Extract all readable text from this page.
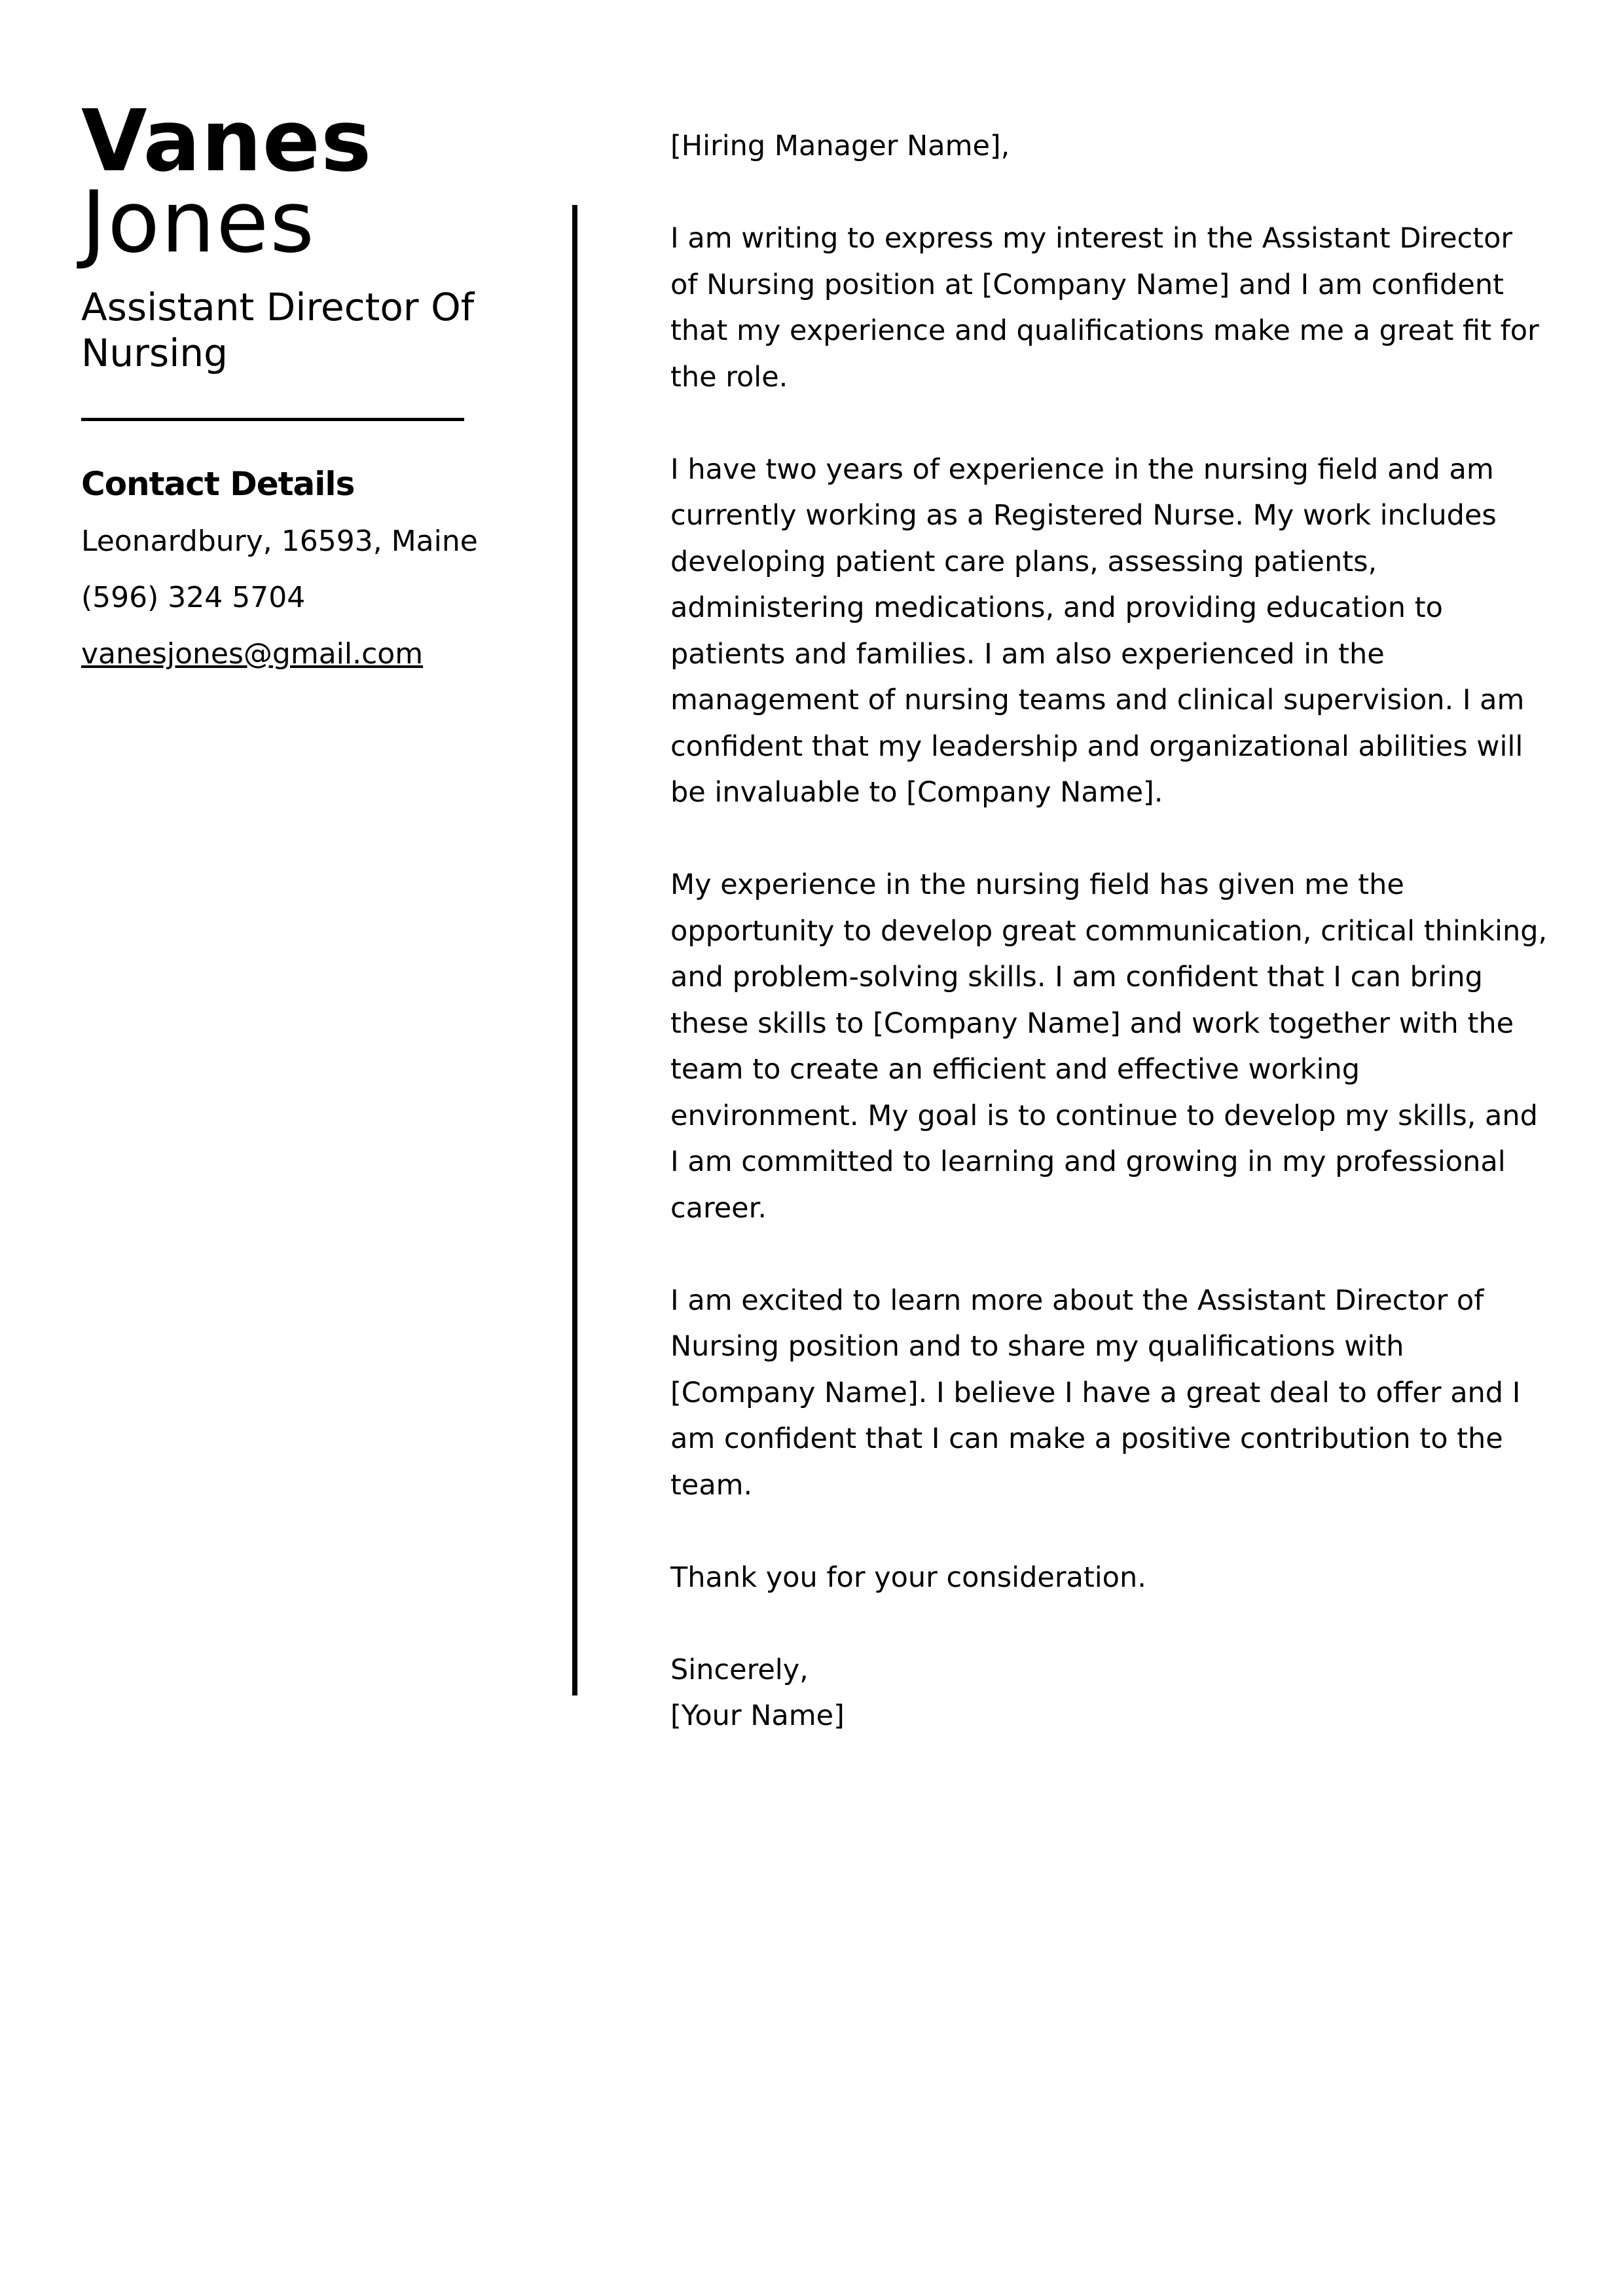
Vanes
Jones
Assistant Director Of Nursing
Contact Details
Leonardbury, 16593, Maine
(596) 324 5704
vanesjones@gmail.com

[Hiring Manager Name],

I am writing to express my interest in the Assistant Director of Nursing position at [Company Name] and I am confident that my experience and qualifications make me a great fit for the role.

I have two years of experience in the nursing field and am currently working as a Registered Nurse. My work includes developing patient care plans, assessing patients, administering medications, and providing education to patients and families. I am also experienced in the management of nursing teams and clinical supervision. I am confident that my leadership and organizational abilities will be invaluable to [Company Name].

My experience in the nursing field has given me the opportunity to develop great communication, critical thinking, and problem-solving skills. I am confident that I can bring these skills to [Company Name] and work together with the team to create an efficient and effective working environment. My goal is to continue to develop my skills, and I am committed to learning and growing in my professional career.

I am excited to learn more about the Assistant Director of Nursing position and to share my qualifications with [Company Name]. I believe I have a great deal to offer and I am confident that I can make a positive contribution to the team.

Thank you for your consideration.

Sincerely,

[Your Name]
